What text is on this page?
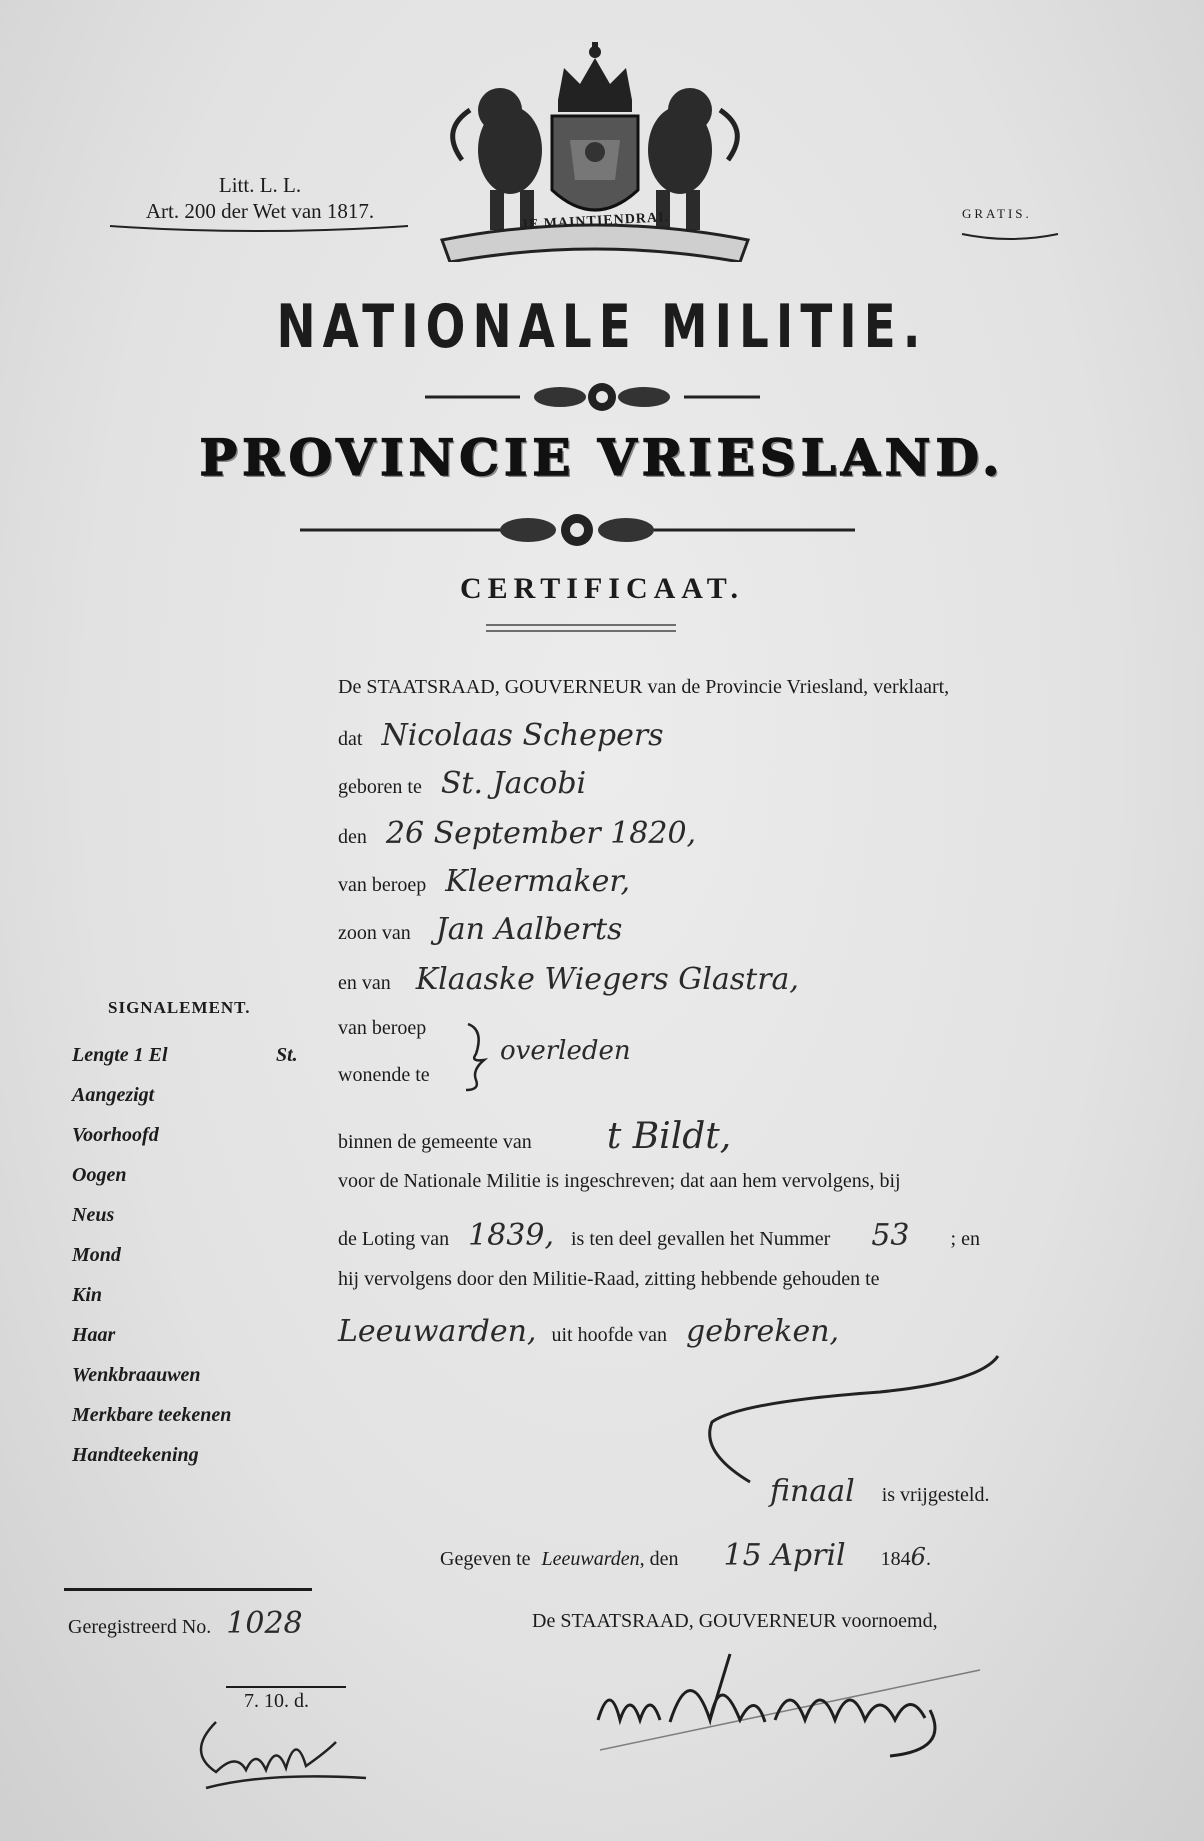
Litt. L. L.
Art. 200 der Wet van 1817.	JE MAINTIENDRAI.	GRATIS.
NATIONALE MILITIE.
PROVINCIE VRIESLAND.
CERTIFICAAT.
De STAATSRAAD, GOUVERNEUR van de Provincie Vriesland, verklaart,
dat Nicolaas Schepers
geboren te St. Jacobi
den 26 September 1820,
van beroep Kleermaker,
zoon van Jan Aalberts
en van Klaaske Wiegers Glastra,
van beroep
wonende te
overleden
binnen de gemeente van t Bildt,
voor de Nationale Militie is ingeschreven; dat aan hem vervolgens, bij
de Loting van 1839, is ten deel gevallen het Nummer 53 ; en
hij vervolgens door den Militie-Raad, zitting hebbende gehouden te
Leeuwarden, uit hoofde van gebreken,
finaal is vrijgesteld.
Gegeven te Leeuwarden, den 15 April 1846.
De STAATSRAAD, GOUVERNEUR voornoemd,
SIGNALEMENT.
Lengte 1 El	St.
Aangezigt
Voorhoofd
Oogen
Neus
Mond
Kin
Haar
Wenkbraauwen
Merkbare teekenen
Handteekening
Geregistreerd No. 1028
7. 10. d.
